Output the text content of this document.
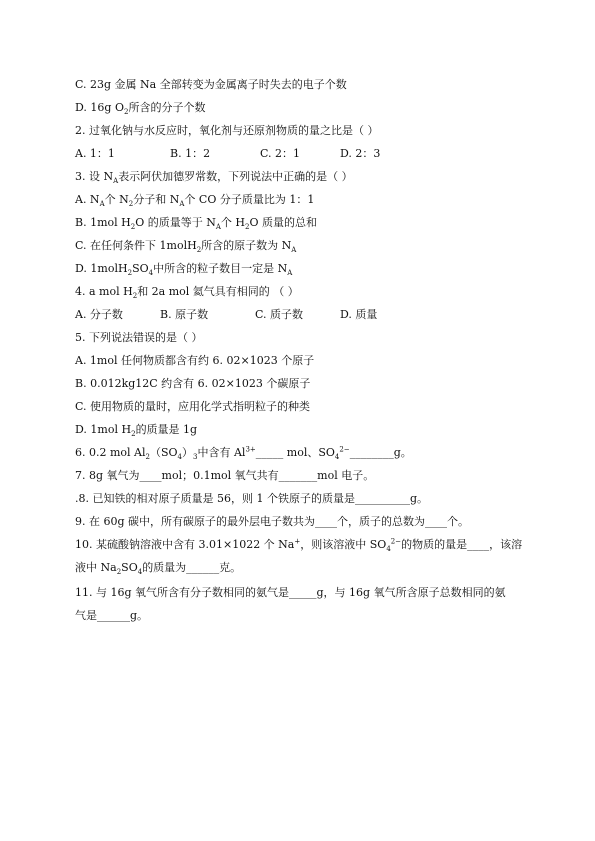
C. 23g 金属 Na 全部转变为金属离子时失去的电子个数
D. 16g $O_2$所含的分子个数
2. 过氧化钠与水反应时，氧化剂与还原剂物质的量之比是（ ）
A. 1：1	B. 1：2	C. 2：1	D. 2：3
3. 设 $N_A$表示阿伏加德罗常数，下列说法中正确的是（ ）
A. $N_A$个 $N_2$分子和 $N_A$个 CO 分子质量比为 1：1
B. 1mol $H_2O$ 的质量等于 $N_A$个 $H_2O$ 质量的总和
C. 在任何条件下 1molH$_2$所含的原子数为 $N_A$
D. $1molH_2SO_4$中所含的粒子数目一定是 $N_A$
4. a mol $H_2$和 2a mol 氦气具有相同的 （ ）
A. 分子数	B. 原子数	C. 质子数	D. 质量
5. 下列说法错误的是（ ）
A. 1mol 任何物质都含有约 6. 02×1023 个原子
B. 0.012kg12C 约含有 6. 02×1023 个碳原子
C. 使用物质的量时，应用化学式指明粒子的种类
D. 1mol $H_2$的质量是 1g
6. 0.2 mol $Al_2(SO_4)_3$中含有 $Al^{3+}\_\_\_\_\_$ mol、$SO_4^{2-}\_\_\_\_\_\_\_\_g$。
7. 8g 氧气为____mol；0.1mol 氧气共有_______mol 电子。
.8. 已知铁的相对原子质量是 56，则 1 个铁原子的质量是__________g。
9. 在 60g 碳中，所有碳原子的最外层电子数共为____个，质子的总数为____个。
10. 某硫酸钠溶液中含有 3.01×1022 个 Na+，则该溶液中 $SO_4^{2-}$的物质的量是____，该溶
液中 $Na_2SO_4$的质量为______克。
11. 与 16g 氧气所含有分子数相同的氨气是_____g，与 16g 氧气所含原子总数相同的氨
气是______g。
